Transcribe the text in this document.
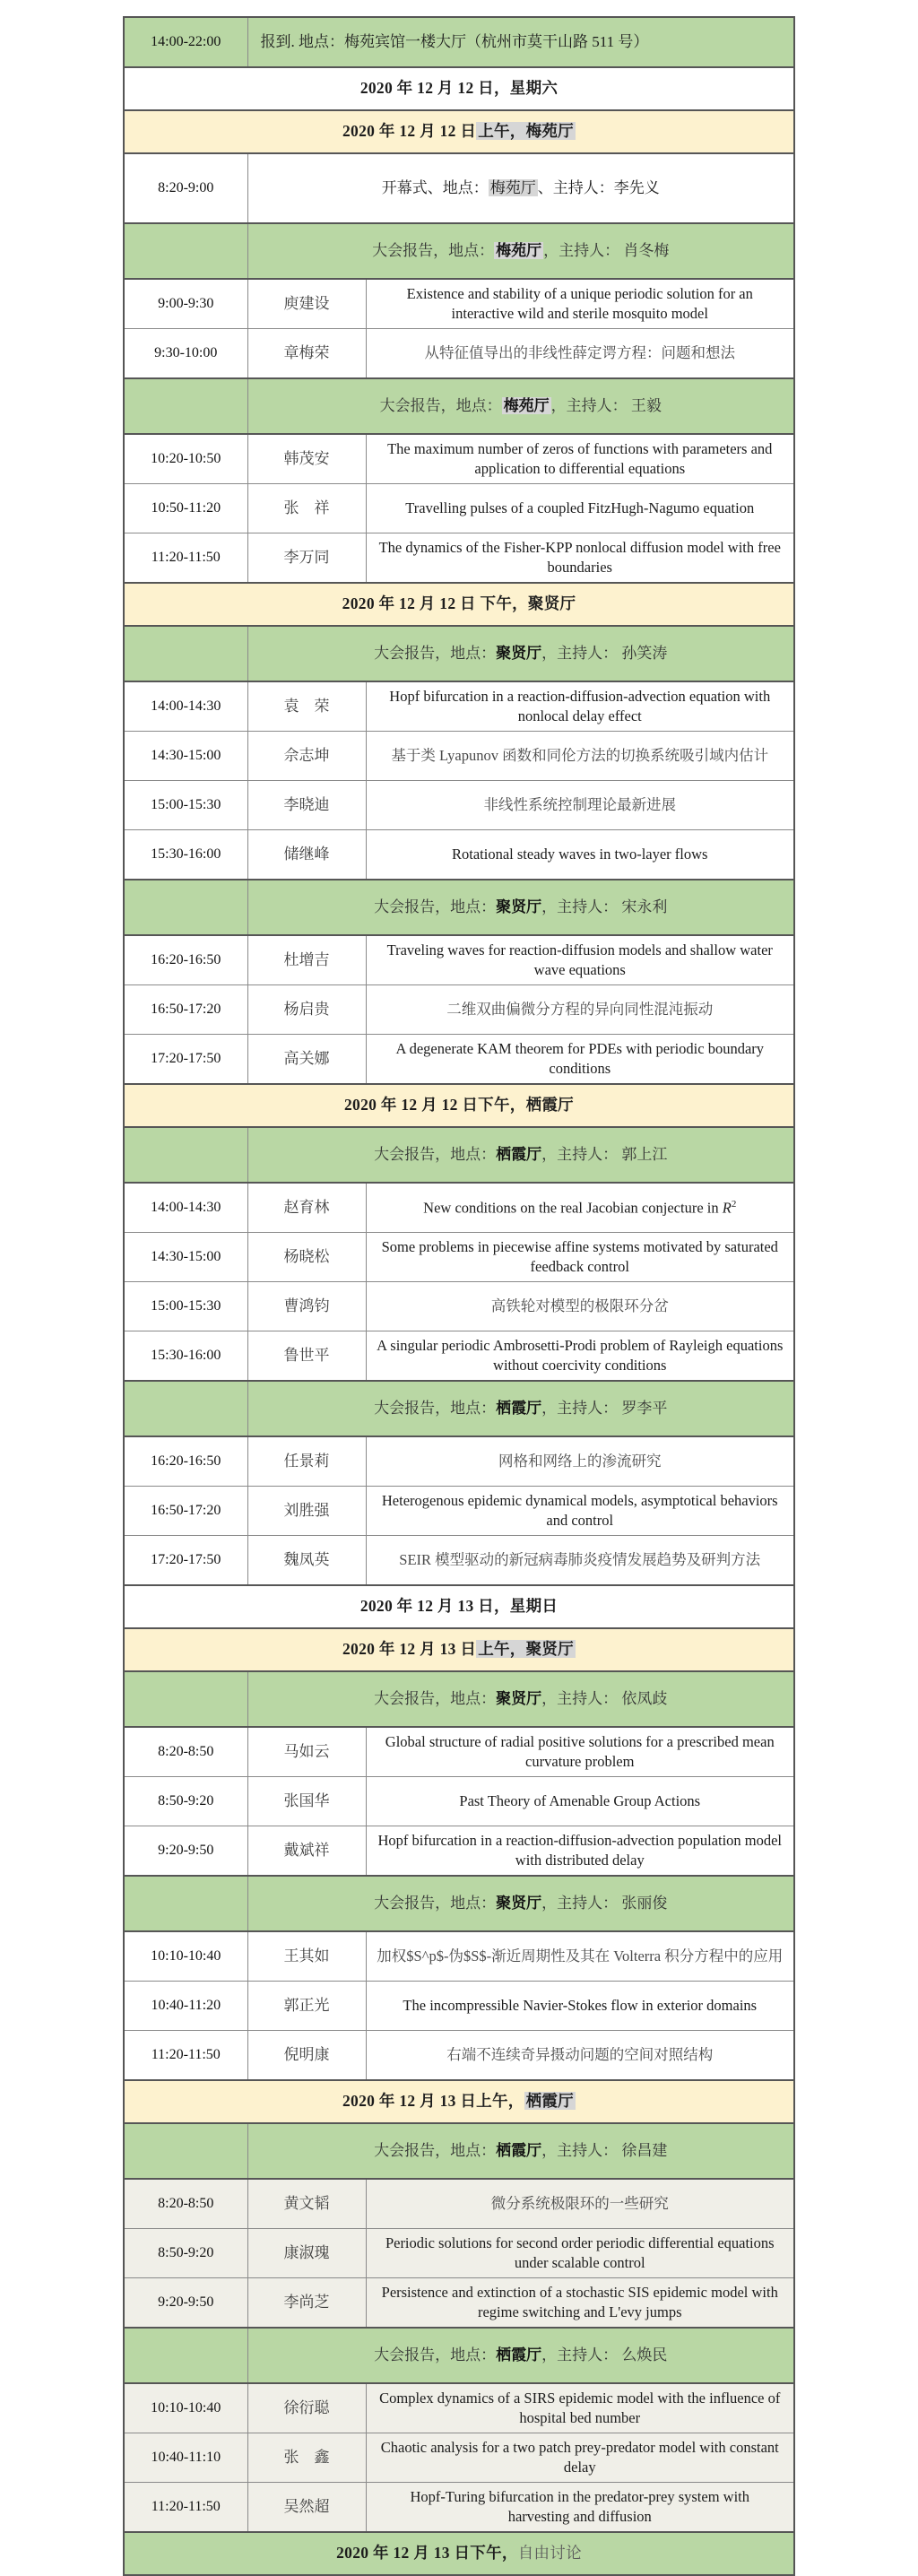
14:00-22:00	报到. 地点：梅苑宾馆一楼大厅（杭州市莫干山路 511 号）	
2020 年 12 月 12 日，星期六		
2020 年 12 月 12 日 上午，梅苑厅		
8:20-9:00	开幕式、地点： 梅苑厅 、主持人：李先义	
	大会报告，地点： 梅苑厅 ，主持人： 肖冬梅	
9:00-9:30	庾建设	Existence and stability of a unique periodic solution for an interactive wild and sterile mosquito model
9:30-10:00	章梅荣	从特征值导出的非线性薛定谔方程：问题和想法
	大会报告，地点： 梅苑厅 ，主持人： 王毅	
10:20-10:50	韩茂安	The maximum number of zeros of functions with parameters and application to differential equations
10:50-11:20	张　祥	Travelling pulses of a coupled FitzHugh-Nagumo equation
11:20-11:50	李万同	The dynamics of the Fisher-KPP nonlocal diffusion model with free boundaries
2020 年 12 月 12 日 下午，聚贤厅		
	大会报告，地点：聚贤厅，主持人： 孙笑涛	
14:00-14:30	袁　荣	Hopf bifurcation in a reaction-diffusion-advection equation with nonlocal delay effect
14:30-15:00	佘志坤	基于类 Lyapunov 函数和同伦方法的切换系统吸引域内估计
15:00-15:30	李晓迪	非线性系统控制理论最新进展
15:30-16:00	储继峰	Rotational steady waves in two-layer flows
	大会报告，地点：聚贤厅，主持人： 宋永利	
16:20-16:50	杜增吉	Traveling waves for reaction-diffusion models and shallow water wave equations
16:50-17:20	杨启贵	二维双曲偏微分方程的异向同性混沌振动
17:20-17:50	高关娜	A degenerate KAM theorem for PDEs with periodic boundary conditions
2020 年 12 月 12 日下午，栖霞厅		
	大会报告，地点：栖霞厅，主持人： 郭上江	
14:00-14:30	赵育林	New conditions on the real Jacobian conjecture in $R^2$
14:30-15:00	杨晓松	Some problems in piecewise affine systems motivated by saturated feedback control
15:00-15:30	曹鸿钧	高铁轮对模型的极限环分岔
15:30-16:00	鲁世平	A singular periodic Ambrosetti-Prodi problem of Rayleigh equations without coercivity conditions
	大会报告，地点：栖霞厅，主持人： 罗李平	
16:20-16:50	任景莉	网格和网络上的渗流研究
16:50-17:20	刘胜强	Heterogenous epidemic dynamical models, asymptotical behaviors and control
17:20-17:50	魏凤英	SEIR 模型驱动的新冠病毒肺炎疫情发展趋势及研判方法
2020 年 12 月 13 日，星期日		
2020 年 12 月 13 日 上午，聚贤厅		
	大会报告，地点：聚贤厅，主持人： 依凤歧	
8:20-8:50	马如云	Global structure of radial positive solutions for a prescribed mean curvature problem
8:50-9:20	张国华	Past Theory of Amenable Group Actions
9:20-9:50	戴斌祥	Hopf bifurcation in a reaction-diffusion-advection population model with distributed delay
	大会报告，地点：聚贤厅，主持人： 张丽俊	
10:10-10:40	王其如	加权$S^p$-伪$S$-渐近周期性及其在 Volterra 积分方程中的应用
10:40-11:20	郭正光	The incompressible Navier-Stokes flow in exterior domains
11:20-11:50	倪明康	右端不连续奇异摄动问题的空间对照结构
2020 年 12 月 13 日上午， 栖霞厅		
	大会报告，地点：栖霞厅，主持人： 徐昌建	
8:20-8:50	黄文韬	微分系统极限环的一些研究
8:50-9:20	康淑瑰	Periodic solutions for second order periodic differential equations under scalable control
9:20-9:50	李尚芝	Persistence and extinction of a stochastic SIS epidemic model with regime switching and L'evy jumps
	大会报告，地点：栖霞厅，主持人： 么焕民	
10:10-10:40	徐衍聪	Complex dynamics of a SIRS epidemic model with the influence of hospital bed number
10:40-11:10	张　鑫	Chaotic analysis for a two patch prey-predator model with constant delay
11:20-11:50	吴然超	Hopf-Turing bifurcation in the predator-prey system with　harvesting and diffusion
2020 年 12 月 13 日下午，自由讨论		
